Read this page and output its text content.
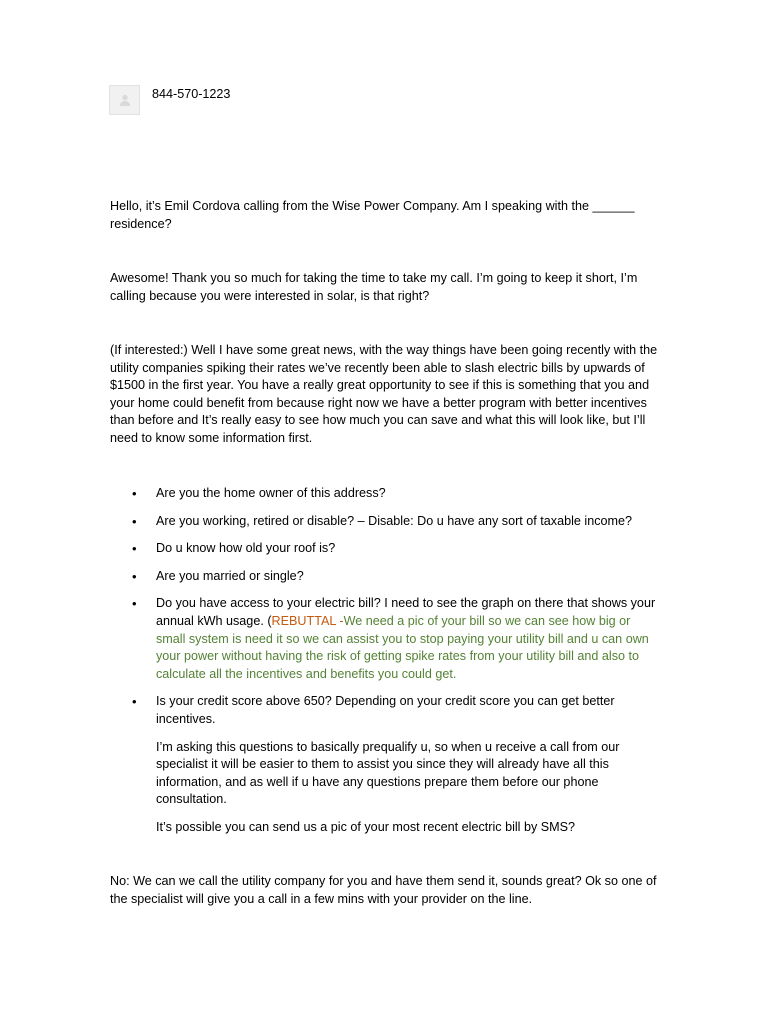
844-570-1223

Hello, it’s Emil Cordova calling from the Wise Power Company. Am I speaking with the ______ residence?

Awesome! Thank you so much for taking the time to take my call. I’m going to keep it short, I’m calling because you were interested in solar, is that right?

(If interested:) Well I have some great news, with the way things have been going recently with the utility companies spiking their rates we’ve recently been able to slash electric bills by upwards of $1500 in the first year. You have a really great opportunity to see if this is something that you and your home could benefit from because right now we have a better program with better incentives than before and It’s really easy to see how much you can save and what this will look like, but I’ll need to know some information first.

• Are you the home owner of this address?
• Are you working, retired or disable? – Disable: Do u have any sort of taxable income?
• Do u know how old your roof is?
• Are you married or single?
• Do you have access to your electric bill? I need to see the graph on there that shows your annual kWh usage. (REBUTTAL -We need a pic of your bill so we can see how big or small system is need it so we can assist you to stop paying your utility bill and u can own your power without having the risk of getting spike rates from your utility bill and also to calculate all the incentives and benefits you could get.
• Is your credit score above 650? Depending on your credit score you can get better incentives.

I’m asking this questions to basically prequalify u, so when u receive a call from our specialist it will be easier to them to assist you since they will already have all this information, and as well if u have any questions prepare them before our phone consultation.

It’s possible you can send us a pic of your most recent electric bill by SMS?

No: We can we call the utility company for you and have them send it, sounds great? Ok so one of the specialist will give you a call in a few mins with your provider on the line.
